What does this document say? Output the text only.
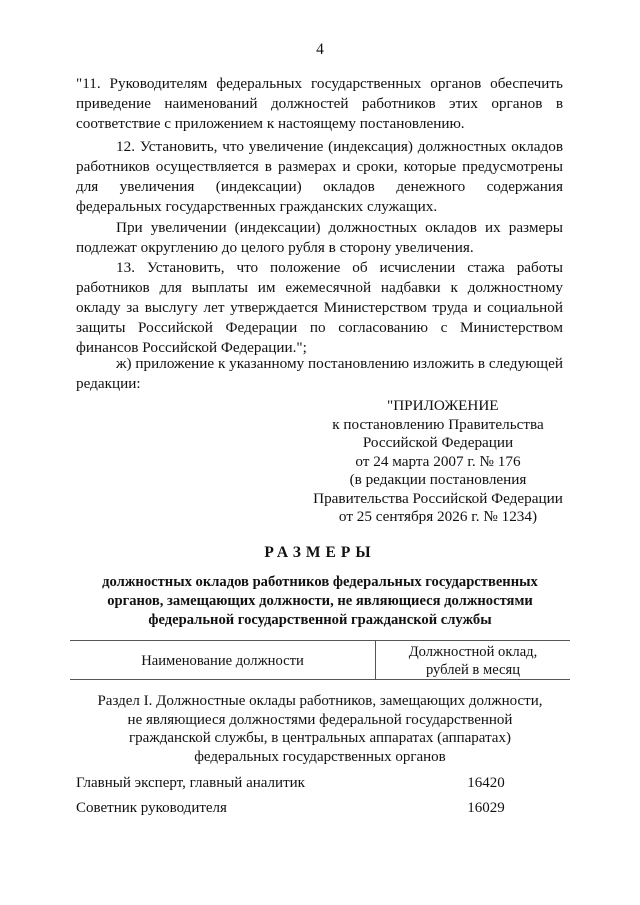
4
"11. Руководителям федеральных государственных органов обеспечить приведение наименований должностей работников этих органов в соответствие с приложением к настоящему постановлению.
12. Установить, что увеличение (индексация) должностных окладов работников осуществляется в размерах и сроки, которые предусмотрены для увеличения (индексации) окладов денежного содержания федеральных государственных гражданских служащих.
При увеличении (индексации) должностных окладов их размеры подлежат округлению до целого рубля в сторону увеличения.
13. Установить, что положение об исчислении стажа работы работников для выплаты им ежемесячной надбавки к должностному окладу за выслугу лет утверждается Министерством труда и социальной защиты Российской Федерации по согласованию с Министерством финансов Российской Федерации.";
ж) приложение к указанному постановлению изложить в следующей редакции:
"ПРИЛОЖЕНИЕ
к постановлению Правительства
Российской Федерации
от 24 марта 2007 г. № 176
(в редакции постановления
Правительства Российской Федерации
от 25 сентября 2026 г. № 1234)
РАЗМЕРЫ
должностных окладов работников федеральных государственных
органов, замещающих должности, не являющиеся должностями
федеральной государственной гражданской службы
Наименование должности
Должностной оклад,
рублей в месяц
Раздел I. Должностные оклады работников, замещающих должности,
не являющиеся должностями федеральной государственной
гражданской службы, в центральных аппаратах (аппаратах)
федеральных государственных органов
Главный эксперт, главный аналитик	16420
Советник руководителя	16029
